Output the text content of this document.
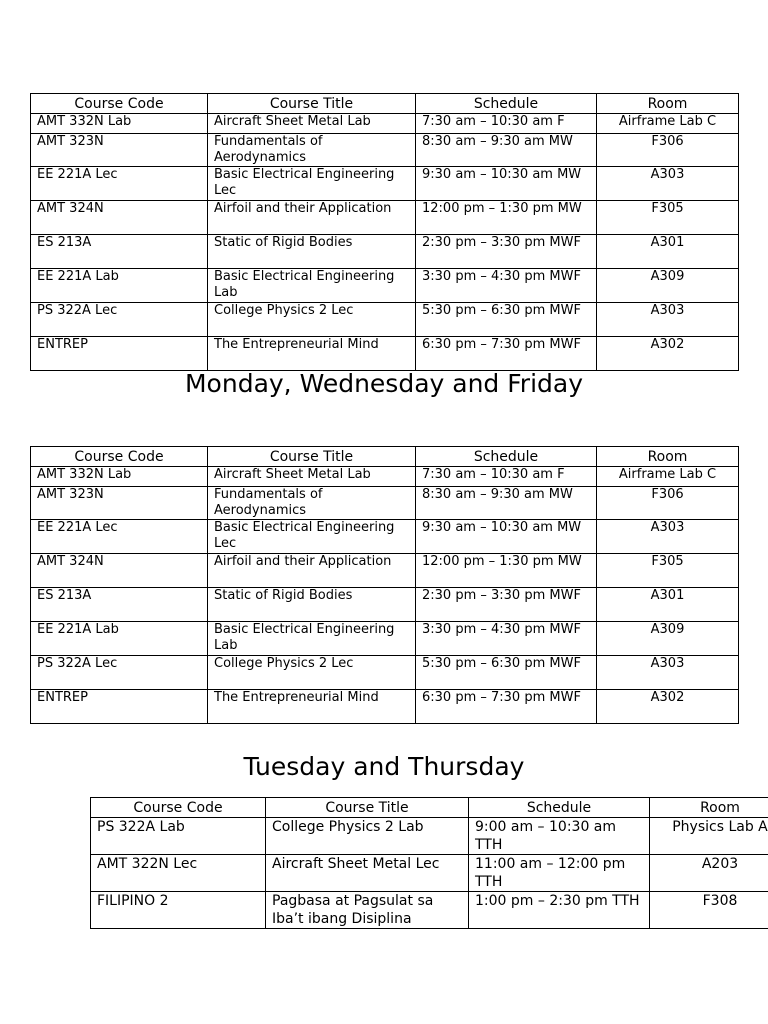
Course Code	Course Title	Schedule	Room
AMT 332N Lab	Aircraft Sheet Metal Lab	7:30 am – 10:30 am F	Airframe Lab C
AMT 323N	Fundamentals of Aerodynamics	8:30 am – 9:30 am MW	F306
EE 221A Lec	Basic Electrical Engineering Lec	9:30 am – 10:30 am MW	A303
AMT 324N	Airfoil and their Application	12:00 pm – 1:30 pm MW	F305
ES 213A	Static of Rigid Bodies	2:30 pm – 3:30 pm MWF	A301
EE 221A Lab	Basic Electrical Engineering Lab	3:30 pm – 4:30 pm MWF	A309
PS 322A Lec	College Physics 2 Lec	5:30 pm – 6:30 pm MWF	A303
ENTREP	The Entrepreneurial Mind	6:30 pm – 7:30 pm MWF	A302
Monday, Wednesday and Friday
Course Code	Course Title	Schedule	Room
AMT 332N Lab	Aircraft Sheet Metal Lab	7:30 am – 10:30 am F	Airframe Lab C
AMT 323N	Fundamentals of Aerodynamics	8:30 am – 9:30 am MW	F306
EE 221A Lec	Basic Electrical Engineering Lec	9:30 am – 10:30 am MW	A303
AMT 324N	Airfoil and their Application	12:00 pm – 1:30 pm MW	F305
ES 213A	Static of Rigid Bodies	2:30 pm – 3:30 pm MWF	A301
EE 221A Lab	Basic Electrical Engineering Lab	3:30 pm – 4:30 pm MWF	A309
PS 322A Lec	College Physics 2 Lec	5:30 pm – 6:30 pm MWF	A303
ENTREP	The Entrepreneurial Mind	6:30 pm – 7:30 pm MWF	A302
Tuesday and Thursday
Course Code	Course Title	Schedule	Room
PS 322A Lab	College Physics 2 Lab	9:00 am – 10:30 am TTH	Physics Lab A
AMT 322N Lec	Aircraft Sheet Metal Lec	11:00 am – 12:00 pm TTH	A203
FILIPINO 2	Pagbasa at Pagsulat sa Iba’t ibang Disiplina	1:00 pm – 2:30 pm TTH	F308
